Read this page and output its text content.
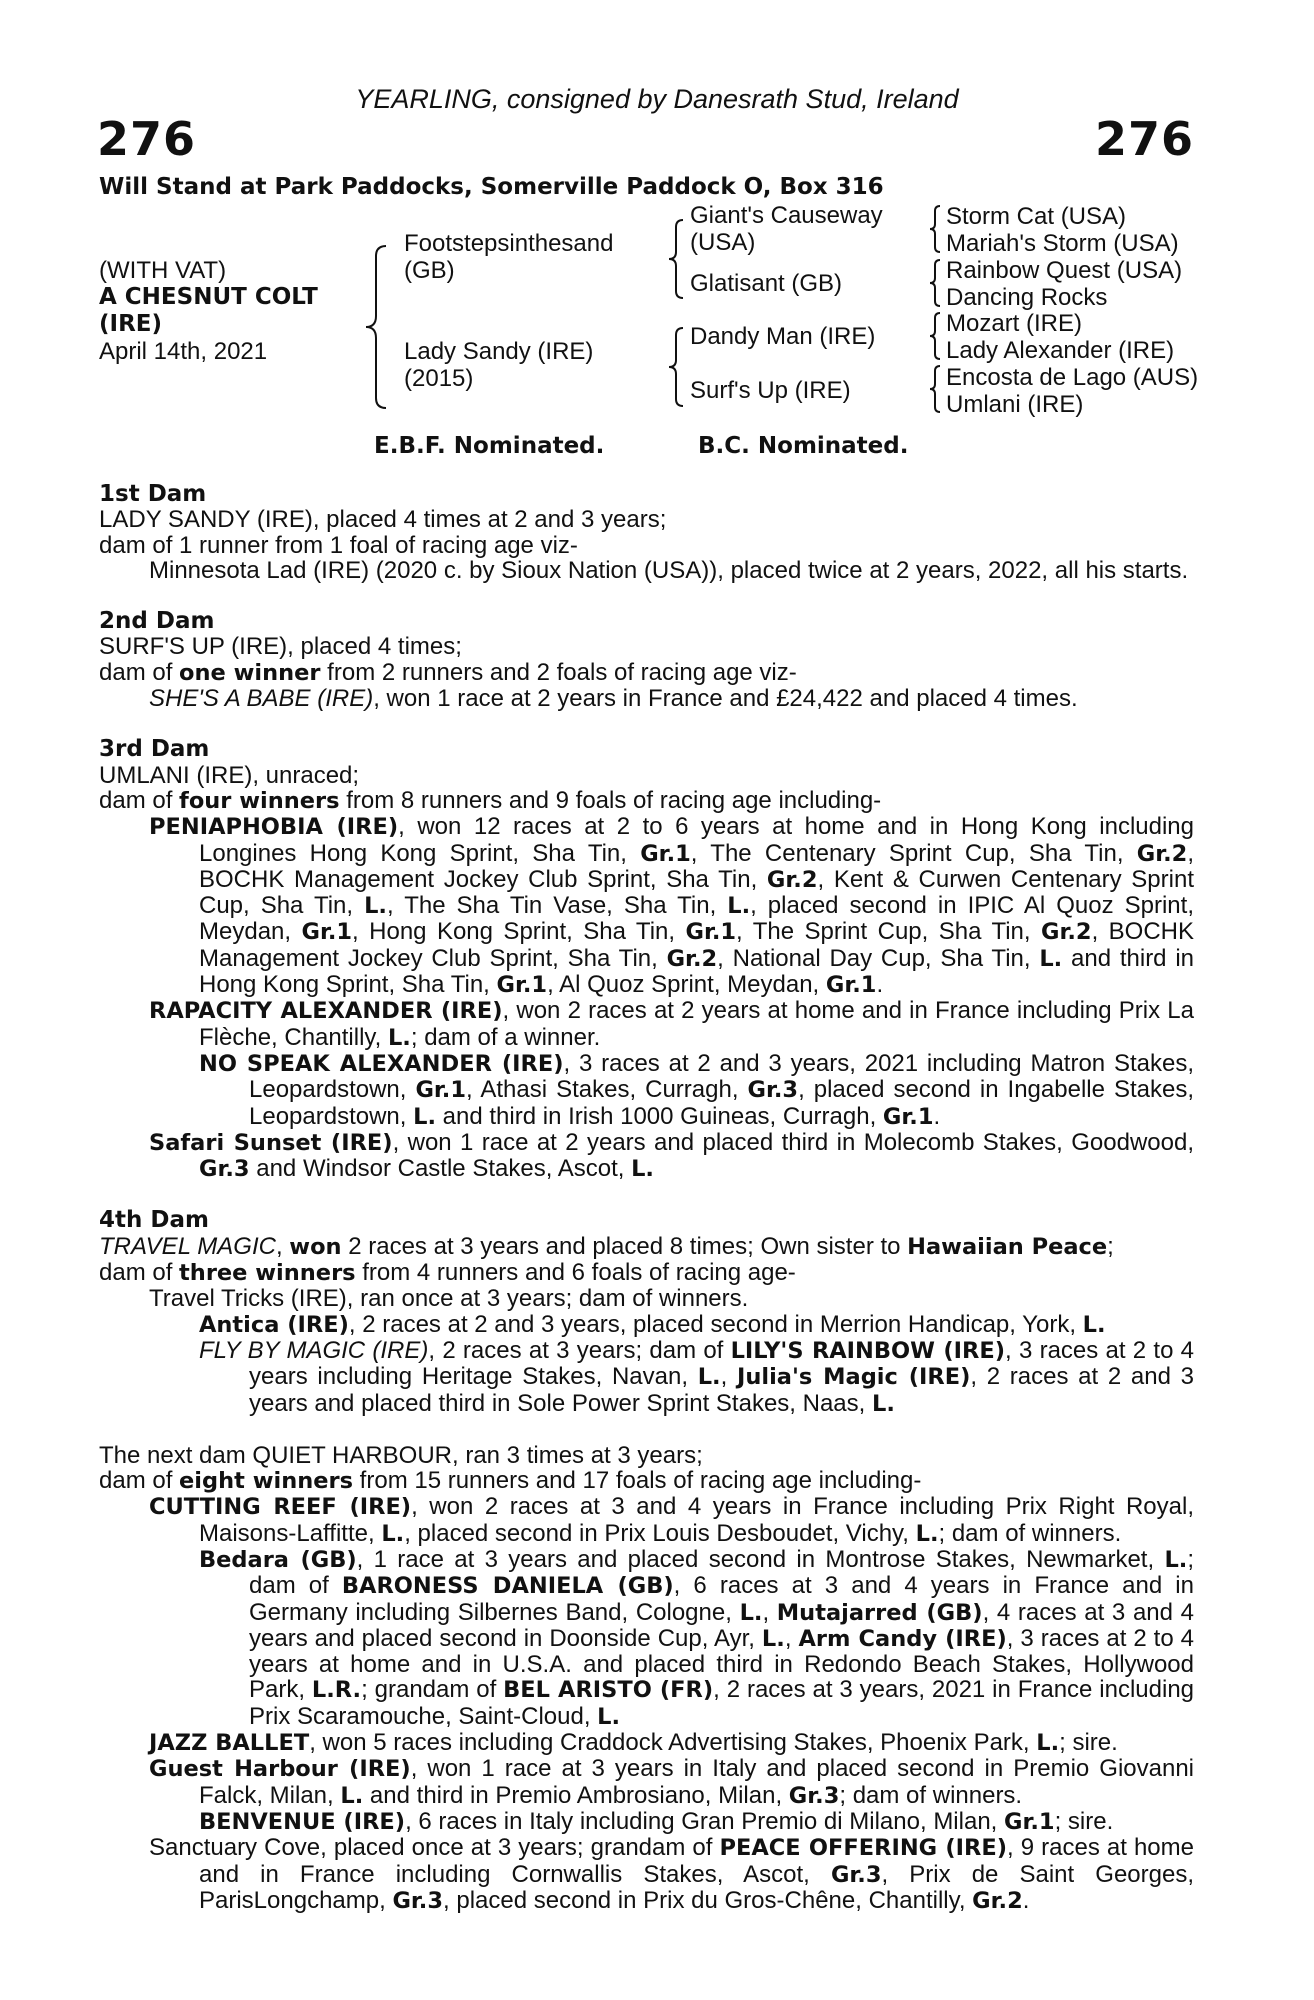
YEARLING, consigned by Danesrath Stud, Ireland
276	276
Will Stand at Park Paddocks, Somerville Paddock O, Box 316
(WITH VAT)
A CHESNUT COLT
(IRE)
April 14th, 2021
Footstepsinthesand
(GB)
Lady Sandy (IRE)
(2015)
Giant's Causeway
(USA)
Glatisant (GB)
Dandy Man (IRE)
Surf's Up (IRE)
Storm Cat (USA)
Mariah's Storm (USA)
Rainbow Quest (USA)
Dancing Rocks
Mozart (IRE)
Lady Alexander (IRE)
Encosta de Lago (AUS)
Umlani (IRE)
E.B.F. Nominated.	B.C. Nominated.
1st Dam
LADY SANDY (IRE), placed 4 times at 2 and 3 years;
dam of 1 runner from 1 foal of racing age viz-
Minnesota Lad (IRE) (2020 c. by Sioux Nation (USA)), placed twice at 2 years, 2022, all his starts.
2nd Dam
SURF'S UP (IRE), placed 4 times;
dam of one winner from 2 runners and 2 foals of racing age viz-
SHE'S A BABE (IRE), won 1 race at 2 years in France and £24,422 and placed 4 times.
3rd Dam
UMLANI (IRE), unraced;
dam of four winners from 8 runners and 9 foals of racing age including-
PENIAPHOBIA (IRE), won 12 races at 2 to 6 years at home and in Hong Kong including Longines Hong Kong Sprint, Sha Tin, Gr.1, The Centenary Sprint Cup, Sha Tin, Gr.2, BOCHK Management Jockey Club Sprint, Sha Tin, Gr.2, Kent & Curwen Centenary Sprint Cup, Sha Tin, L., The Sha Tin Vase, Sha Tin, L., placed second in IPIC Al Quoz Sprint, Meydan, Gr.1, Hong Kong Sprint, Sha Tin, Gr.1, The Sprint Cup, Sha Tin, Gr.2, BOCHK Management Jockey Club Sprint, Sha Tin, Gr.2, National Day Cup, Sha Tin, L. and third in Hong Kong Sprint, Sha Tin, Gr.1, Al Quoz Sprint, Meydan, Gr.1.
RAPACITY ALEXANDER (IRE), won 2 races at 2 years at home and in France including Prix La Flèche, Chantilly, L.; dam of a winner.
NO SPEAK ALEXANDER (IRE), 3 races at 2 and 3 years, 2021 including Matron Stakes, Leopardstown, Gr.1, Athasi Stakes, Curragh, Gr.3, placed second in Ingabelle Stakes, Leopardstown, L. and third in Irish 1000 Guineas, Curragh, Gr.1.
Safari Sunset (IRE), won 1 race at 2 years and placed third in Molecomb Stakes, Goodwood, Gr.3 and Windsor Castle Stakes, Ascot, L.
4th Dam
TRAVEL MAGIC, won 2 races at 3 years and placed 8 times; Own sister to Hawaiian Peace;
dam of three winners from 4 runners and 6 foals of racing age-
Travel Tricks (IRE), ran once at 3 years; dam of winners.
Antica (IRE), 2 races at 2 and 3 years, placed second in Merrion Handicap, York, L.
FLY BY MAGIC (IRE), 2 races at 3 years; dam of LILY'S RAINBOW (IRE), 3 races at 2 to 4 years including Heritage Stakes, Navan, L., Julia's Magic (IRE), 2 races at 2 and 3 years and placed third in Sole Power Sprint Stakes, Naas, L.
The next dam QUIET HARBOUR, ran 3 times at 3 years;
dam of eight winners from 15 runners and 17 foals of racing age including-
CUTTING REEF (IRE), won 2 races at 3 and 4 years in France including Prix Right Royal, Maisons-Laffitte, L., placed second in Prix Louis Desboudet, Vichy, L.; dam of winners.
Bedara (GB), 1 race at 3 years and placed second in Montrose Stakes, Newmarket, L.; dam of BARONESS DANIELA (GB), 6 races at 3 and 4 years in France and in Germany including Silbernes Band, Cologne, L., Mutajarred (GB), 4 races at 3 and 4 years and placed second in Doonside Cup, Ayr, L., Arm Candy (IRE), 3 races at 2 to 4 years at home and in U.S.A. and placed third in Redondo Beach Stakes, Hollywood Park, L.R.; grandam of BEL ARISTO (FR), 2 races at 3 years, 2021 in France including Prix Scaramouche, Saint-Cloud, L.
JAZZ BALLET, won 5 races including Craddock Advertising Stakes, Phoenix Park, L.; sire.
Guest Harbour (IRE), won 1 race at 3 years in Italy and placed second in Premio Giovanni Falck, Milan, L. and third in Premio Ambrosiano, Milan, Gr.3; dam of winners.
BENVENUE (IRE), 6 races in Italy including Gran Premio di Milano, Milan, Gr.1; sire.
Sanctuary Cove, placed once at 3 years; grandam of PEACE OFFERING (IRE), 9 races at home and in France including Cornwallis Stakes, Ascot, Gr.3, Prix de Saint Georges, ParisLongchamp, Gr.3, placed second in Prix du Gros-Chêne, Chantilly, Gr.2.
